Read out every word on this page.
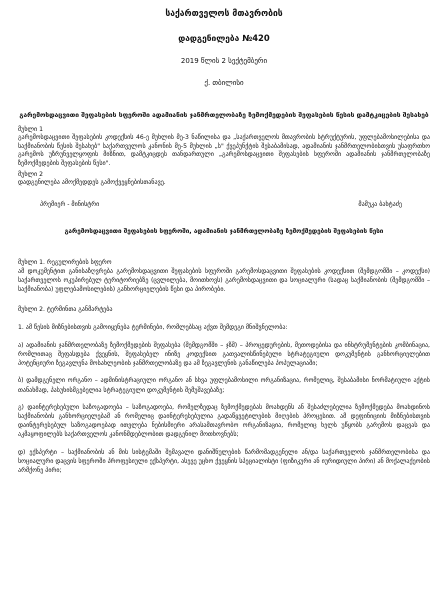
საქართველოს მთავრობის
დადგენილება №420
2019 წლის 2 სექტემბერი
ქ. თბილისი
გარემოსდაცვითი შეფასების სფეროში ადამიანის ჯანმრთელობაზე ზემოქმედების შეფასების წესის დამტკიცების შესახებ
მუხლი 1
გარემოსდაცვითი შეფასების კოდექსის 46-ე მუხლის მე-3 ნაწილისა და „საქართველოს მთავრობის სტრუქტურის, უფლებამოსილებისა და საქმიანობის წესის შესახებ" საქართველოს კანონის მე-5 მუხლის „ს" ქვეპუნქტის შესაბამისად, ადამიანის ჯანმრთელობისთვის უსაფრთხო გარემოს უზრუნველყოფის მიზნით, დამტკიცდეს თანდართული „გარემოსდაცვითი შეფასების სფეროში ადამიანის ჯანმრთელობაზე ზემოქმედების შეფასების წესი".
მუხლი 2
დადგენილება ამოქმედდეს გამოქვეყნებისთანავე.
პრემიერ - მინისტრი	მამუკა ბახტაძე
გარემოსდაცვითი შეფასების სფეროში, ადამიანის ჯანმრთელობაზე ზემოქმედების შეფასების წესი
მუხლი 1. რეგულირების სფერო
ამ დოკუმენტით განისაზღვრება გარემოსდაცვითი შეფასების სფეროში გარემოსდაცვითი შეფასების კოდექსით (შემდგომში – კოდექსი) საქართველოს ოკუპირებულ ტერიტორიებზე (ცვლილება, მოითხოვს) გარემოსდაცვითი და სოციალური (სადაც საქმიანობის (შემდგომში – საქმიანობა) უფლებამოსილების) განხორციელების წესი და პირობები.
მუხლი 2. ტერმინთა განმარტება
1. ამ წესის მიზნებისთვის გამოიყენება ტერმინები, რომლებსაც აქვთ შემდეგი მნიშვნელობა:
ა) ადამიანის ჯანმრთელობაზე ზემოქმედების შეფასება (შემდგომში – ჯზშ) – პროცედურების, მეთოდებისა და ინსტრუმენტების კომბინაცია, რომლითაც შეფასდება ქვეყნის, შეფასებელ ინიზე კოდექსით გათვალისწინებული სტრატეგიული დოკუმენტის განხორციელებით პოტენციური ზეგავლენა მოსახლეობის ჯანმრთელობაზე და ამ ზეგავლენის განაწილება პოპულაციაში;
ბ) დამდგენელი ორგანო – ადმინისტრაციული ორგანო ან სხვა უფლებამოსილი ორგანიზაცია, რომელიც, შესაბამისი ნორმატიული აქტის თანახმად, პასუხისმგებელია სტრატეგიული დოკუმენტის შემუშავებაზე;
გ) დაინტერესებული საზოგადოება – საზოგადოება, რომელზედაც ზემოქმედებას მოახდენს ან შესაძლებელია ზემოქმედება მოახდინოს საქმიანობის განხორციელებამ ან რომელიც დაინტერესებულია გადაწყვეტილების მიღების პროცესით. ამ დეფინიციის მიზნებისთვის დაინტერესებულ საზოგადოებად ითვლება ნებისმიერი არასამთავრობო ორგანიზაცია, რომელიც ხელს უწყობს გარემოს დაცვას და აკმაყოფილებს საქართველოს კანონმდებლობით დადგენილ მოთხოვნებს;
დ) ექსპერტი – საქმიანობის ან მის სისტემაში შემავალი დანიშნულების წარმომადგენელი ან/და საქართველოს ჯანმრთელობისა და სოციალური დაცვის სფეროში პროფესიული ექსპერტი, ასევე უცხო ქვეყნის სპეციალისტი (ფიზიკური ან იურიდიული პირი) ან მოქალაქეობის არმქონე პირი;
